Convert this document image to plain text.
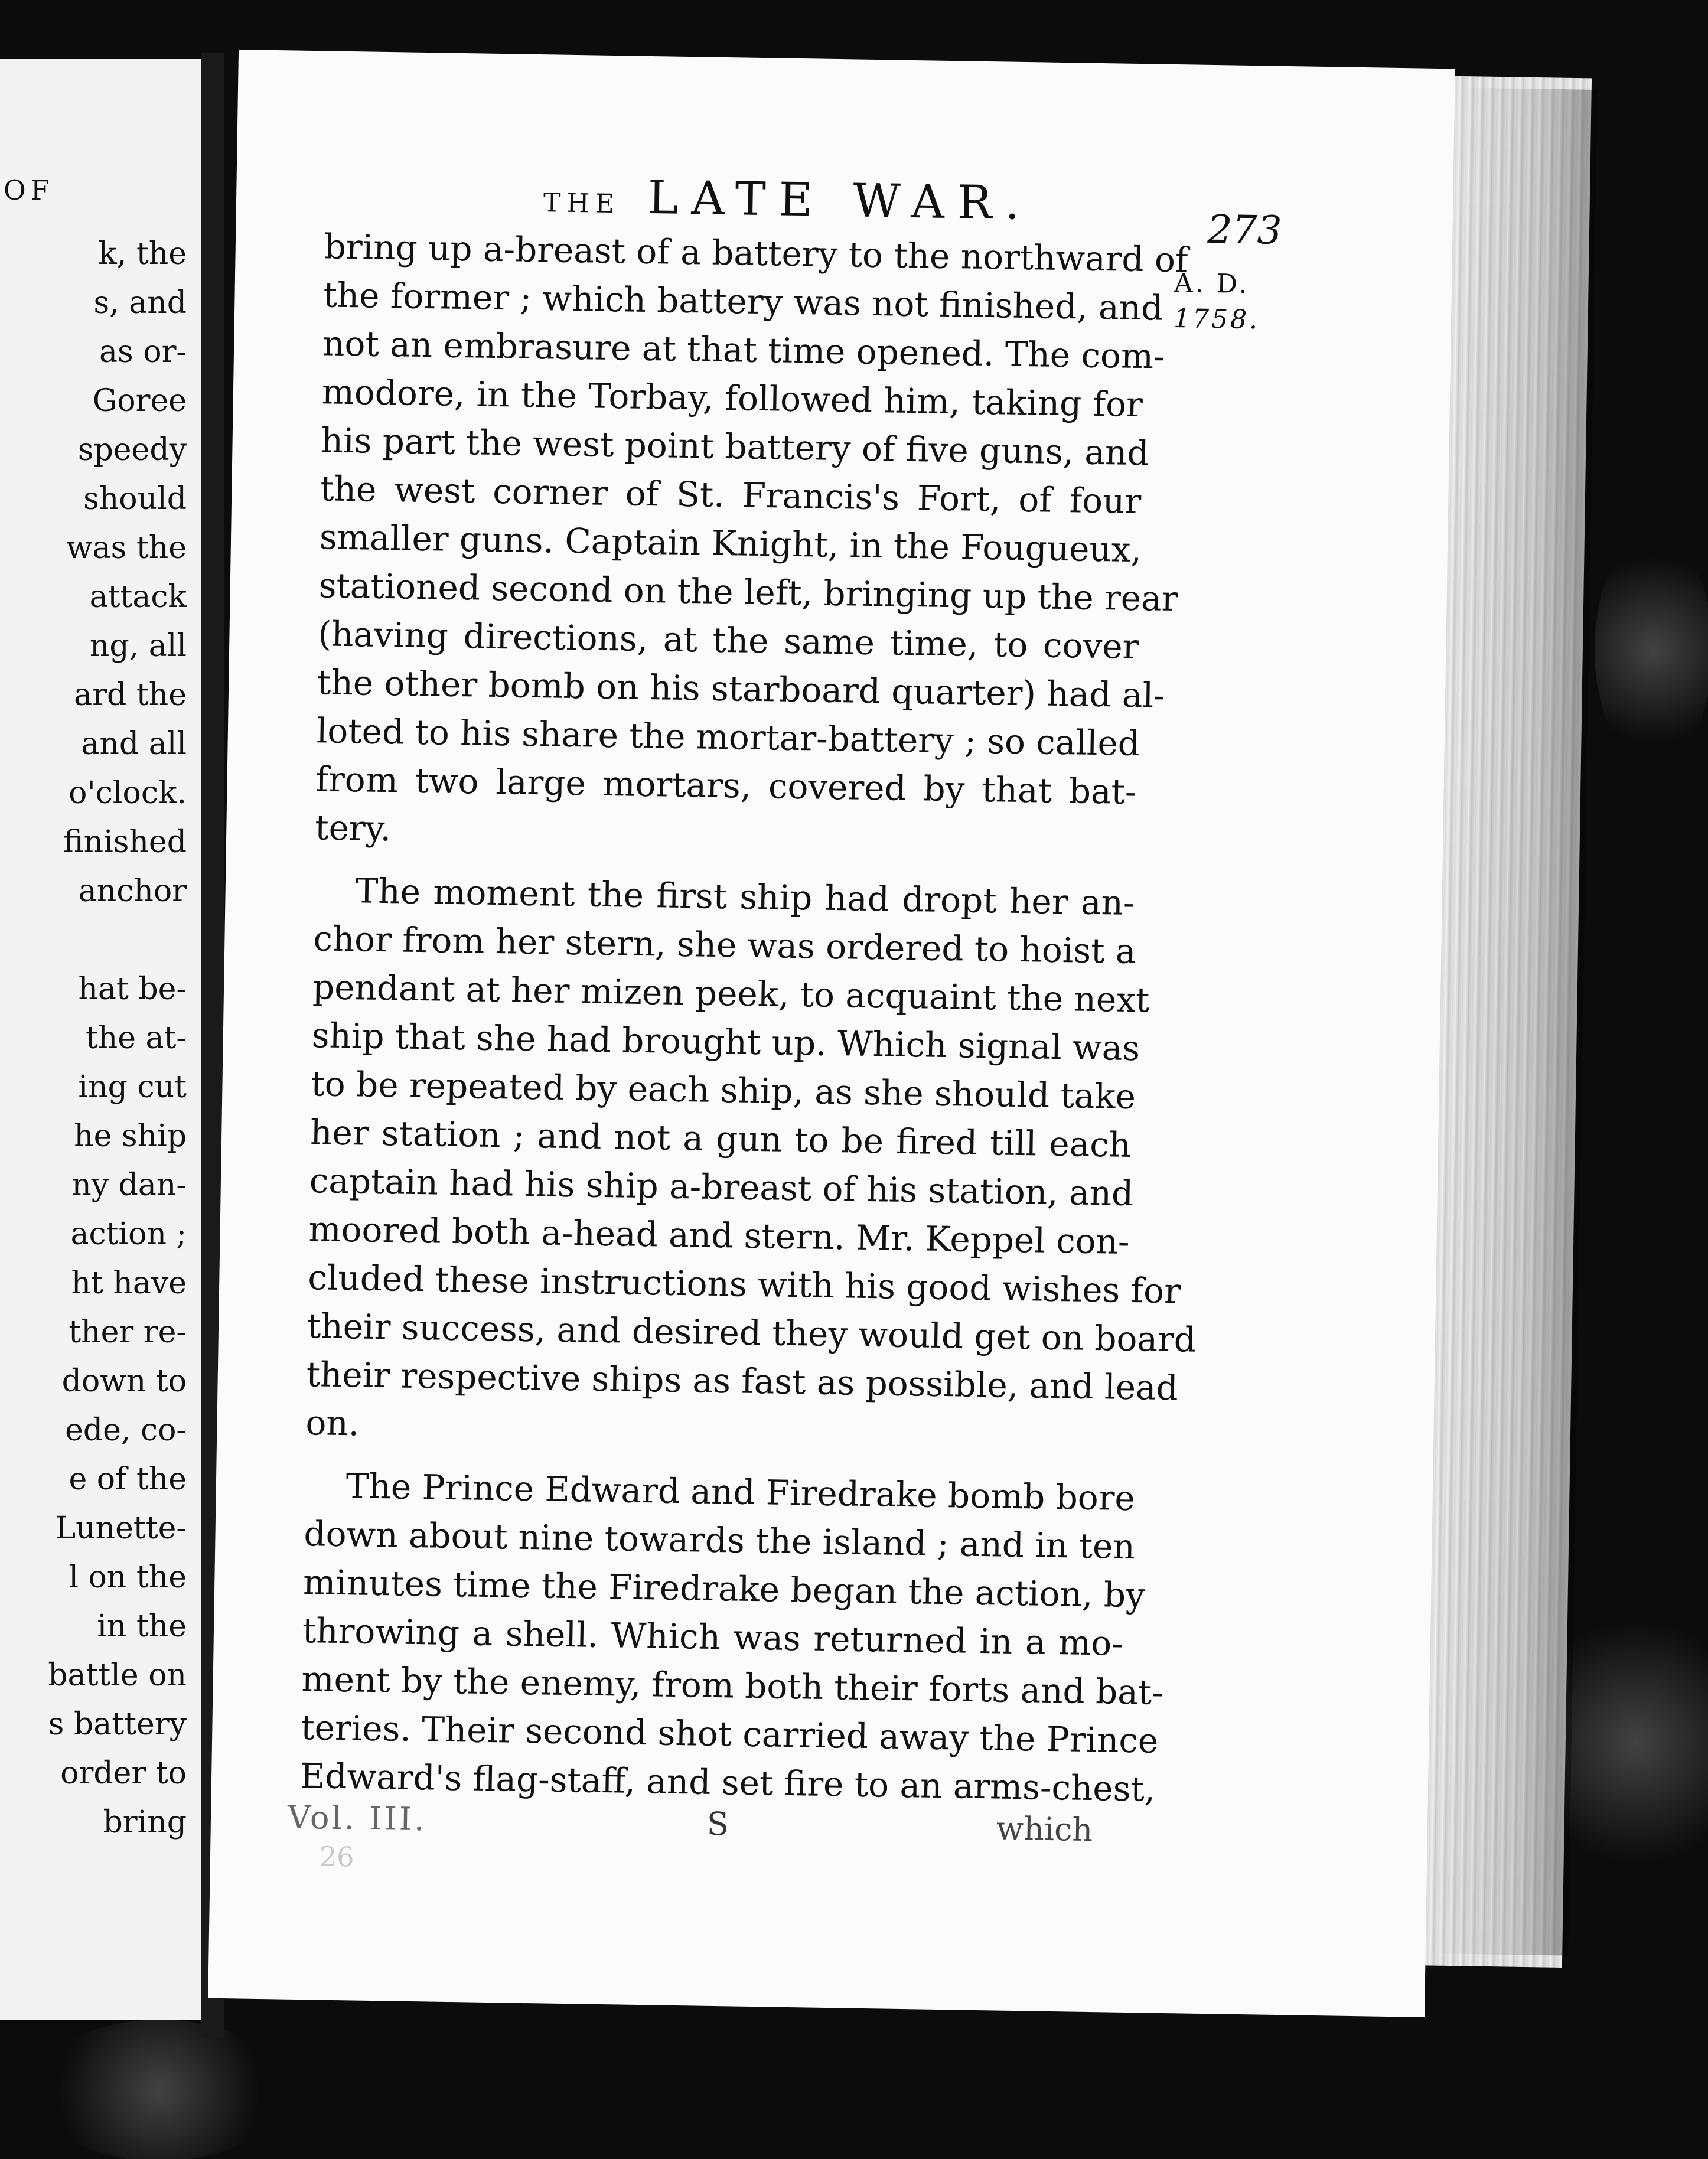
OF
k, the
s, and
as or-
Goree
speedy
should
was the
attack
ng, all
ard the
and all
o'clock.
finished
anchor
hat be-
the at-
ing cut
he ship
ny dan-
action ;
ht have
ther re-
down to
ede, co-
e of the
Lunette-
l on the
in the
battle on
s battery
order to
bring
THE LATE WAR.	273
A. D.
1758.
bring up a-breast of a battery to the northward of
the former ; which battery was not finished, and
not an embrasure at that time opened. The com-
modore, in the Torbay, followed him, taking for
his part the west point battery of five guns, and
the west corner of St. Francis's Fort, of four
smaller guns. Captain Knight, in the Fougueux,
stationed second on the left, bringing up the rear
(having directions, at the same time, to cover
the other bomb on his starboard quarter) had al-
loted to his share the mortar-battery ; so called
from two large mortars, covered by that bat-
tery.
The moment the first ship had dropt her an-
chor from her stern, she was ordered to hoist a
pendant at her mizen peek, to acquaint the next
ship that she had brought up. Which signal was
to be repeated by each ship, as she should take
her station ; and not a gun to be fired till each
captain had his ship a-breast of his station, and
moored both a-head and stern. Mr. Keppel con-
cluded these instructions with his good wishes for
their success, and desired they would get on board
their respective ships as fast as possible, and lead
on.
The Prince Edward and Firedrake bomb bore
down about nine towards the island ; and in ten
minutes time the Firedrake began the action, by
throwing a shell. Which was returned in a mo-
ment by the enemy, from both their forts and bat-
teries. Their second shot carried away the Prince
Edward's flag-staff, and set fire to an arms-chest,
Vol. III.	S	which
26
